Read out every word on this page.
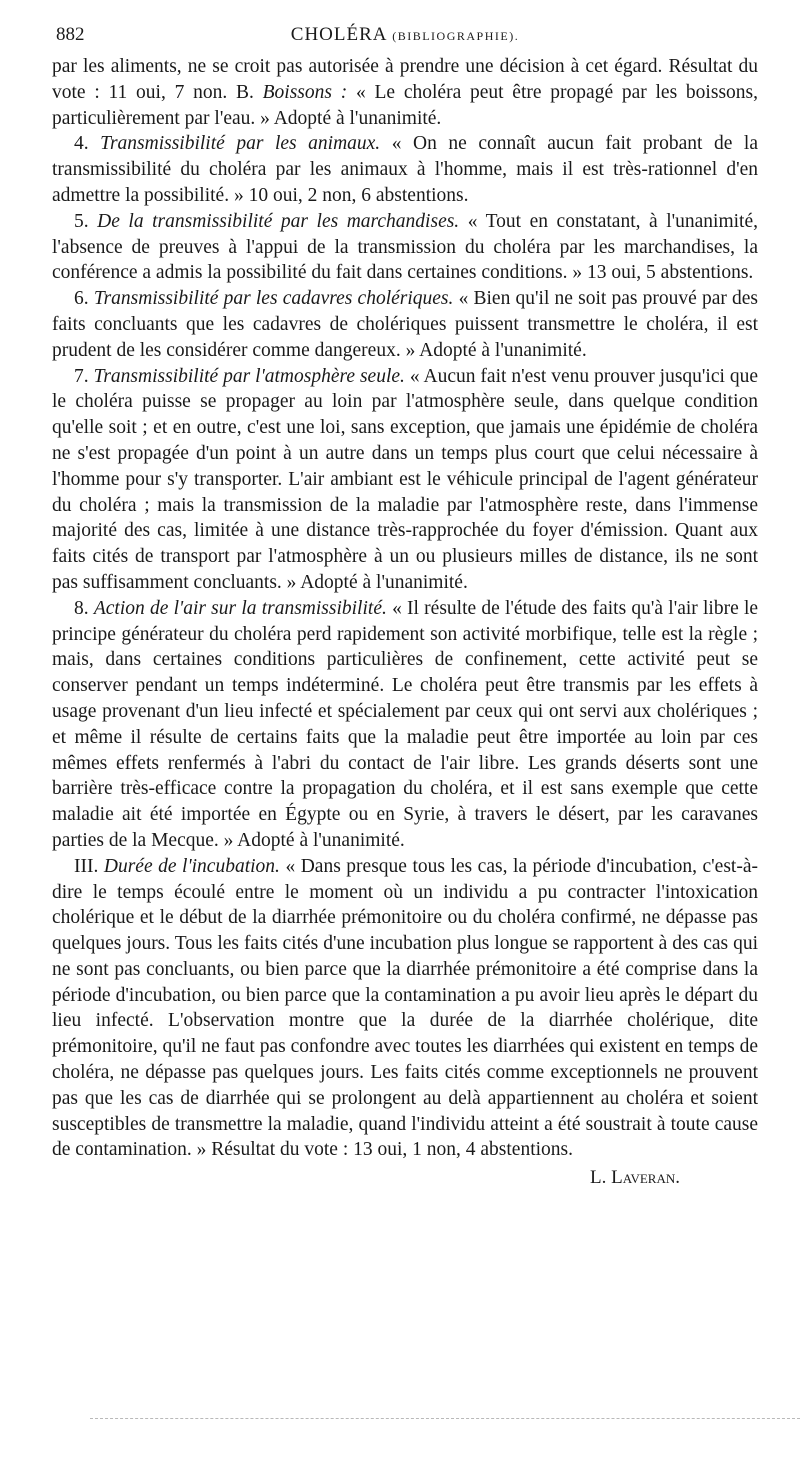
882	CHOLÉRA (BIBLIOGRAPHIE).

par les aliments, ne se croit pas autorisée à prendre une décision à cet égard. Résultat du vote : 11 oui, 7 non. B. Boissons : « Le choléra peut être propagé par les boissons, particulièrement par l'eau. » Adopté à l'unanimité.

4. Transmissibilité par les animaux. « On ne connaît aucun fait probant de la transmissibilité du choléra par les animaux à l'homme, mais il est très-rationnel d'en admettre la possibilité. » 10 oui, 2 non, 6 abstentions.

5. De la transmissibilité par les marchandises. « Tout en constatant, à l'unanimité, l'absence de preuves à l'appui de la transmission du choléra par les marchandises, la conférence a admis la possibilité du fait dans certaines conditions. » 13 oui, 5 abstentions.

6. Transmissibilité par les cadavres cholériques. « Bien qu'il ne soit pas prouvé par des faits concluants que les cadavres de cholériques puissent transmettre le choléra, il est prudent de les considérer comme dangereux. » Adopté à l'unanimité.

7. Transmissibilité par l'atmosphère seule. « Aucun fait n'est venu prouver jusqu'ici que le choléra puisse se propager au loin par l'atmosphère seule, dans quelque condition qu'elle soit ; et en outre, c'est une loi, sans exception, que jamais une épidémie de choléra ne s'est propagée d'un point à un autre dans un temps plus court que celui nécessaire à l'homme pour s'y transporter. L'air ambiant est le véhicule principal de l'agent générateur du choléra ; mais la transmission de la maladie par l'atmosphère reste, dans l'immense majorité des cas, limitée à une distance très-rapprochée du foyer d'émission. Quant aux faits cités de transport par l'atmosphère à un ou plusieurs milles de distance, ils ne sont pas suffisamment concluants. » Adopté à l'unanimité.

8. Action de l'air sur la transmissibilité. « Il résulte de l'étude des faits qu'à l'air libre le principe générateur du choléra perd rapidement son activité morbifique, telle est la règle ; mais, dans certaines conditions particulières de confinement, cette activité peut se conserver pendant un temps indéterminé. Le choléra peut être transmis par les effets à usage provenant d'un lieu infecté et spécialement par ceux qui ont servi aux cholériques ; et même il résulte de certains faits que la maladie peut être importée au loin par ces mêmes effets renfermés à l'abri du contact de l'air libre. Les grands déserts sont une barrière très-efficace contre la propagation du choléra, et il est sans exemple que cette maladie ait été importée en Égypte ou en Syrie, à travers le désert, par les caravanes parties de la Mecque. » Adopté à l'unanimité.

III. Durée de l'incubation. « Dans presque tous les cas, la période d'incubation, c'est-à-dire le temps écoulé entre le moment où un individu a pu contracter l'intoxication cholérique et le début de la diarrhée prémonitoire ou du choléra confirmé, ne dépasse pas quelques jours. Tous les faits cités d'une incubation plus longue se rapportent à des cas qui ne sont pas concluants, ou bien parce que la diarrhée prémonitoire a été comprise dans la période d'incubation, ou bien parce que la contamination a pu avoir lieu après le départ du lieu infecté. L'observation montre que la durée de la diarrhée cholérique, dite prémonitoire, qu'il ne faut pas confondre avec toutes les diarrhées qui existent en temps de choléra, ne dépasse pas quelques jours. Les faits cités comme exceptionnels ne prouvent pas que les cas de diarrhée qui se prolongent au delà appartiennent au choléra et soient susceptibles de transmettre la maladie, quand l'individu atteint a été soustrait à toute cause de contamination. » Résultat du vote : 13 oui, 1 non, 4 abstentions.

L. Laveran.
